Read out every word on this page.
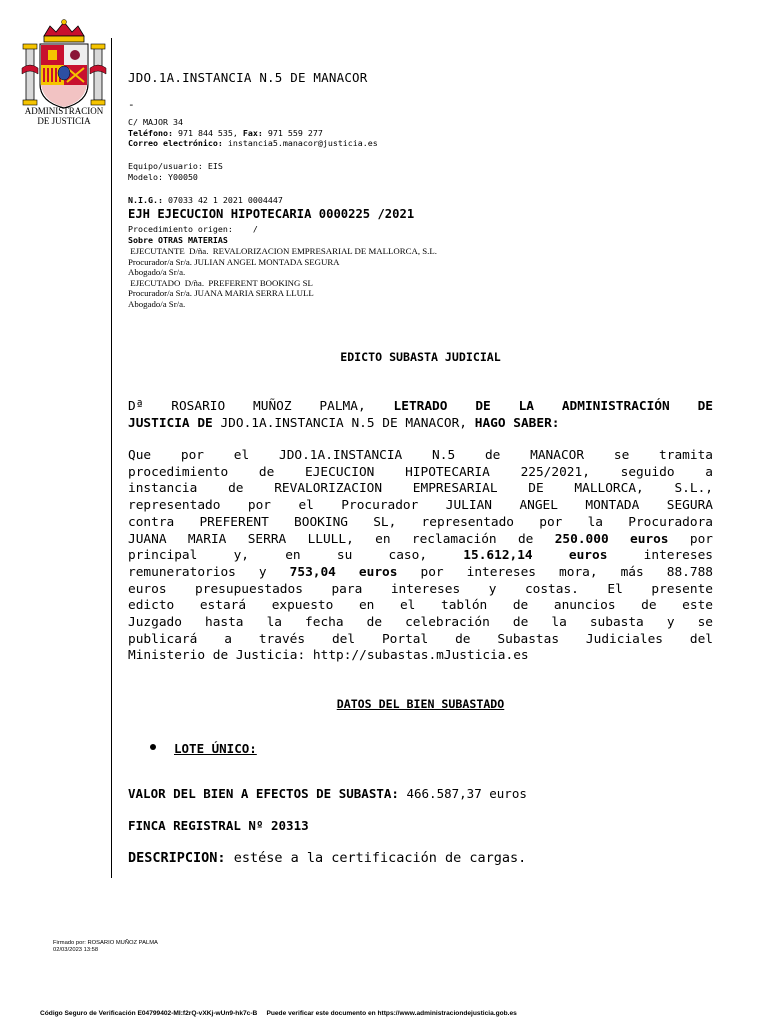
ADMINISTRACION
DE JUSTICIA
JDO.1A.INSTANCIA N.5 DE MANACOR
-
C/ MAJOR 34
Teléfono: 971 844 535, Fax: 971 559 277
Correo electrónico: instancia5.manacor@justicia.es
Equipo/usuario: EIS
Modelo: Y00050
N.I.G.: 07033 42 1 2021 0004447
EJH EJECUCION HIPOTECARIA 0000225 /2021
Procedimiento origen:    /
Sobre OTRAS MATERIAS
EJECUTANTE  D/ña.  REVALORIZACION EMPRESARIAL DE MALLORCA, S.L.
Procurador/a Sr/a. JULIAN ANGEL MONTADA SEGURA
Abogado/a Sr/a.
EJECUTADO  D/ña.  PREFERENT BOOKING SL
Procurador/a Sr/a. JUANA MARIA SERRA LLULL
Abogado/a Sr/a.
EDICTO SUBASTA JUDICIAL
Dª ROSARIO MUÑOZ PALMA, LETRADO DE LA ADMINISTRACIÓN DE
JUSTICIA DE JDO.1A.INSTANCIA N.5 DE MANACOR, HAGO SABER:
Que por el JDO.1A.INSTANCIA N.5 de MANACOR se tramita
procedimiento de EJECUCION HIPOTECARIA 225/2021, seguido a
instancia de REVALORIZACION EMPRESARIAL DE MALLORCA, S.L.,
representado por el Procurador JULIAN ANGEL MONTADA SEGURA
contra PREFERENT BOOKING SL, representado por la Procuradora
JUANA MARIA SERRA LLULL, en reclamación de 250.000 euros por
principal y, en su caso,	15.612,14 euros	intereses
remuneratorios y 753,04 euros por intereses mora, más 88.788
euros presupuestados para intereses y costas. El presente
edicto estará expuesto en el tablón de anuncios de este
Juzgado hasta la fecha de celebración de la subasta y se
publicará a través del Portal de Subastas Judiciales del
Ministerio de Justicia: http://subastas.mJusticia.es
DATOS DEL BIEN SUBASTADO
LOTE ÚNICO:
VALOR DEL BIEN A EFECTOS DE SUBASTA: 466.587,37 euros
FINCA REGISTRAL Nº 20313
DESCRIPCION: estése a la certificación de cargas.
Firmado por: ROSARIO MUÑOZ PALMA
02/03/2023 13:58
Código Seguro de Verificación E04799402-MI:f2rQ-vXKj-wUn9-hk7c-B Puede verificar este documento en https://www.administraciondejusticia.gob.es
